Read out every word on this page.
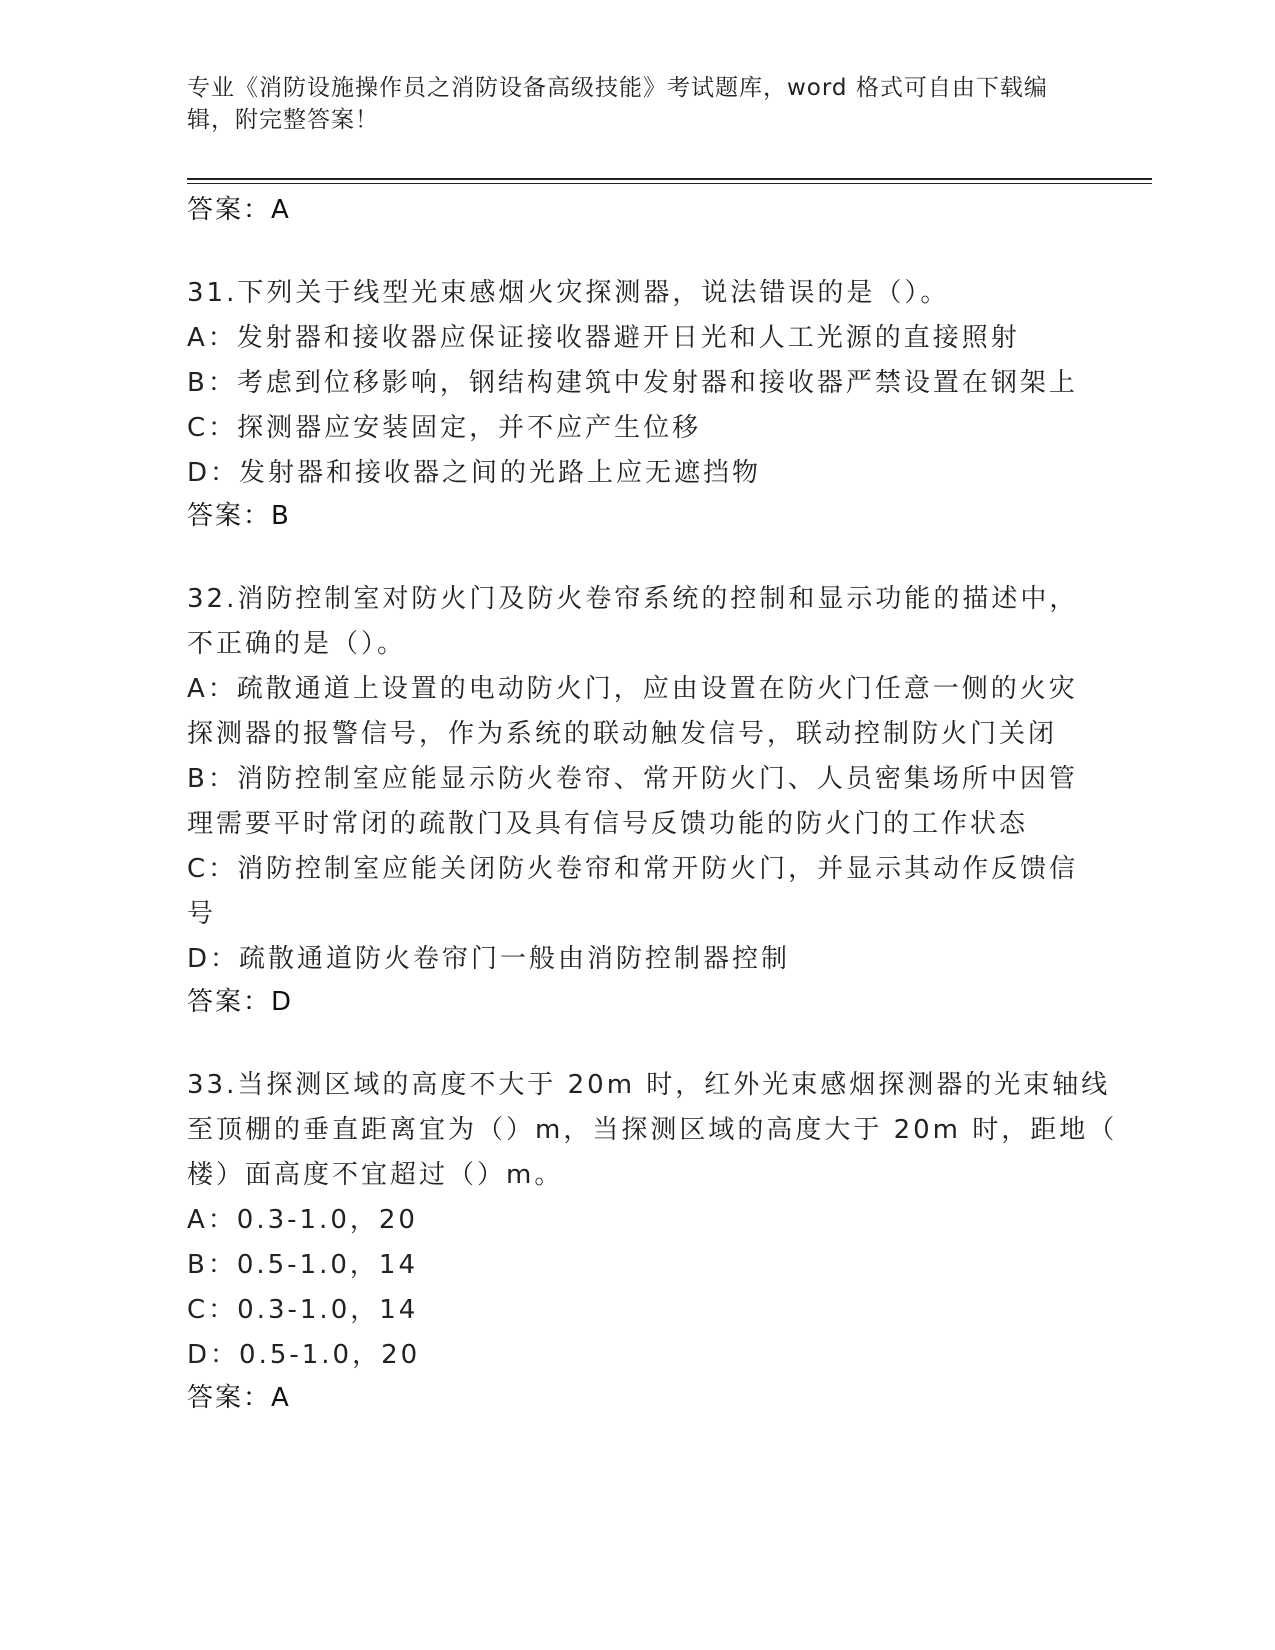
专业《消防设施操作员之消防设备高级技能》考试题库，word 格式可自由下载编
辑，附完整答案！
答案：A
31.下列关于线型光束感烟火灾探测器，说法错误的是（）。
A：发射器和接收器应保证接收器避开日光和人工光源的直接照射
B：考虑到位移影响，钢结构建筑中发射器和接收器严禁设置在钢架上
C：探测器应安装固定，并不应产生位移
D：发射器和接收器之间的光路上应无遮挡物
答案：B
32.消防控制室对防火门及防火卷帘系统的控制和显示功能的描述中，
不正确的是（）。
A：疏散通道上设置的电动防火门，应由设置在防火门任意一侧的火灾
探测器的报警信号，作为系统的联动触发信号，联动控制防火门关闭
B：消防控制室应能显示防火卷帘、常开防火门、人员密集场所中因管
理需要平时常闭的疏散门及具有信号反馈功能的防火门的工作状态
C：消防控制室应能关闭防火卷帘和常开防火门，并显示其动作反馈信
号
D：疏散通道防火卷帘门一般由消防控制器控制
答案：D
33.当探测区域的高度不大于 20m 时，红外光束感烟探测器的光束轴线
至顶棚的垂直距离宜为（）m，当探测区域的高度大于 20m 时，距地（
楼）面高度不宜超过（）m。
A：0.3-1.0，20
B：0.5-1.0，14
C：0.3-1.0，14
D：0.5-1.0，20
答案：A
